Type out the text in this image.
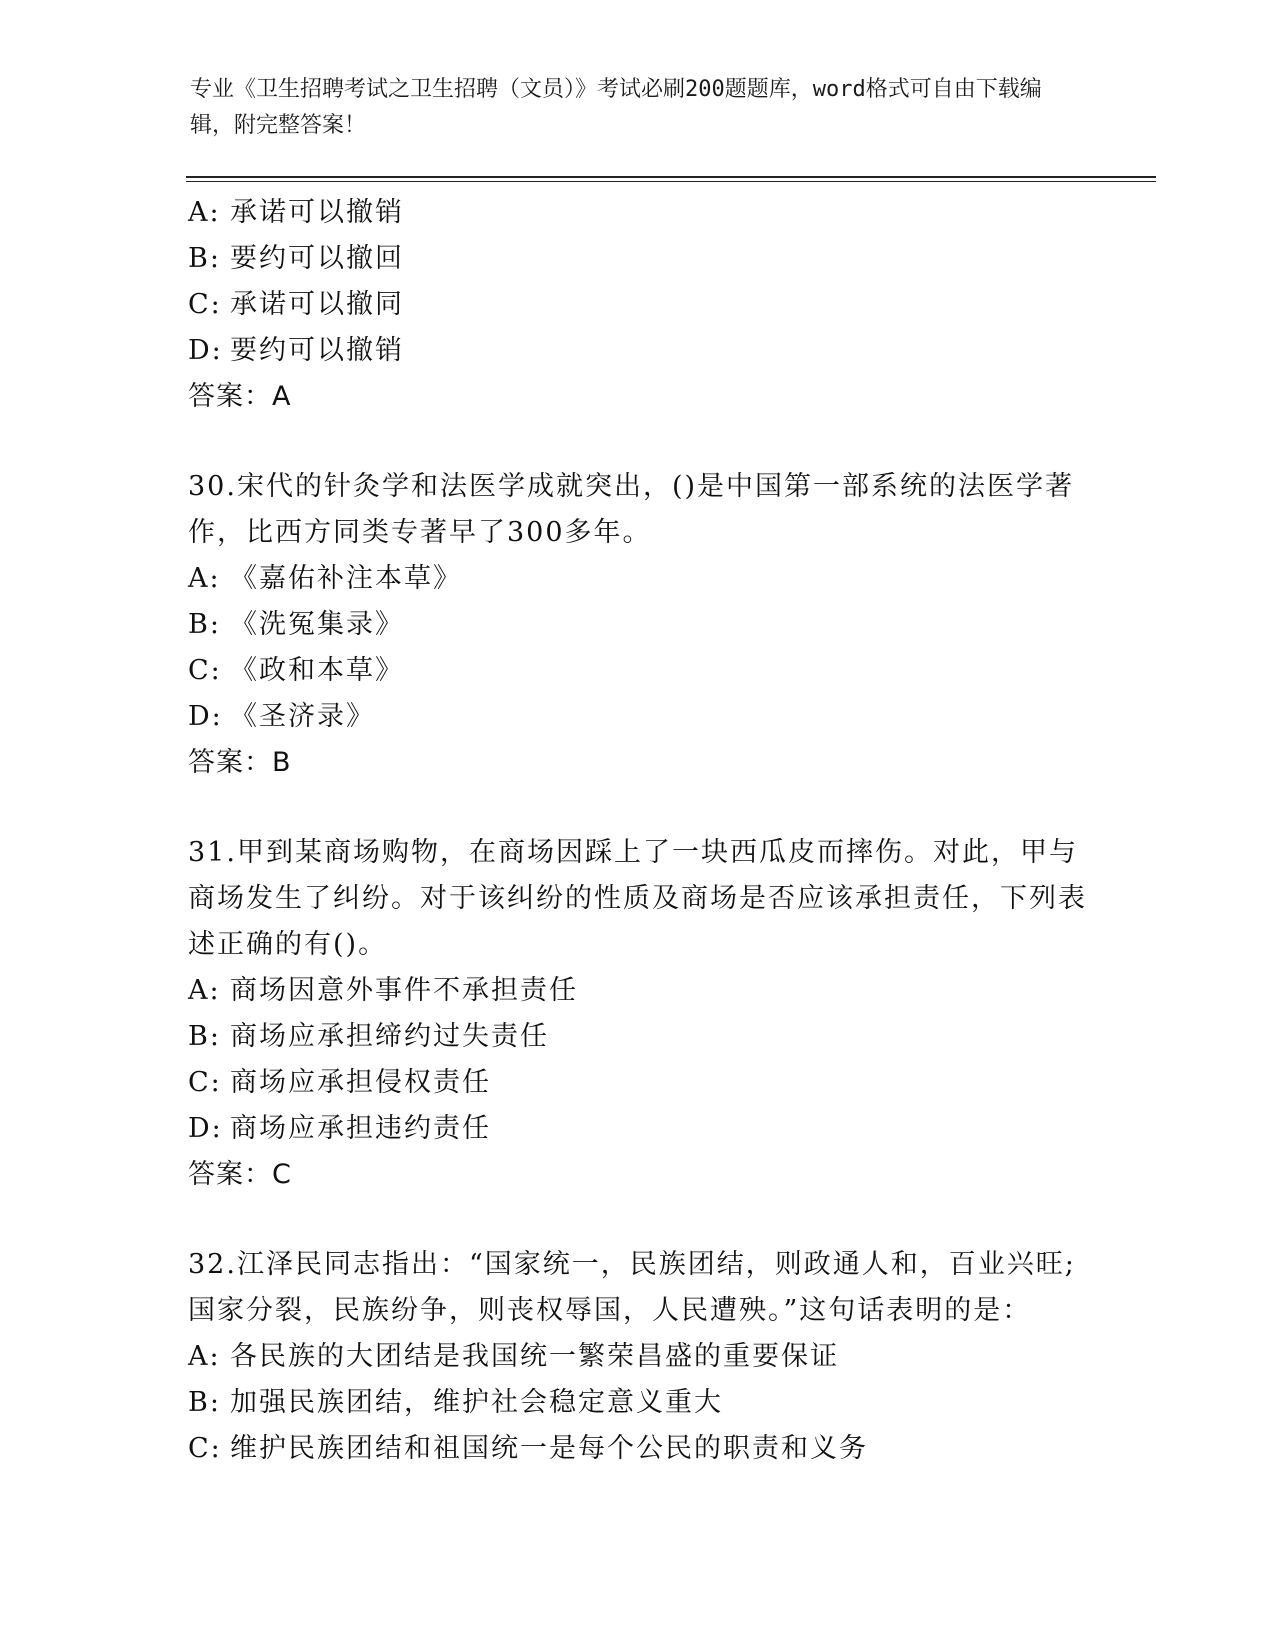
专业《卫生招聘考试之卫生招聘（文员）》考试必刷200题题库，word格式可自由下载编辑，附完整答案！
A: 承诺可以撤销
B: 要约可以撤回
C: 承诺可以撤同
D: 要约可以撤销
答案：A
30.宋代的针灸学和法医学成就突出，()是中国第一部系统的法医学著作，比西方同类专著早了300多年。
A: 《嘉佑补注本草》
B: 《洗冤集录》
C: 《政和本草》
D: 《圣济录》
答案：B
31.甲到某商场购物，在商场因踩上了一块西瓜皮而摔伤。对此，甲与商场发生了纠纷。对于该纠纷的性质及商场是否应该承担责任，下列表述正确的有()。
A: 商场因意外事件不承担责任
B: 商场应承担缔约过失责任
C: 商场应承担侵权责任
D: 商场应承担违约责任
答案：C
32.江泽民同志指出：“国家统一，民族团结，则政通人和，百业兴旺;国家分裂，民族纷争，则丧权辱国，人民遭殃。”这句话表明的是：
A: 各民族的大团结是我国统一繁荣昌盛的重要保证
B: 加强民族团结，维护社会稳定意义重大
C: 维护民族团结和祖国统一是每个公民的职责和义务
